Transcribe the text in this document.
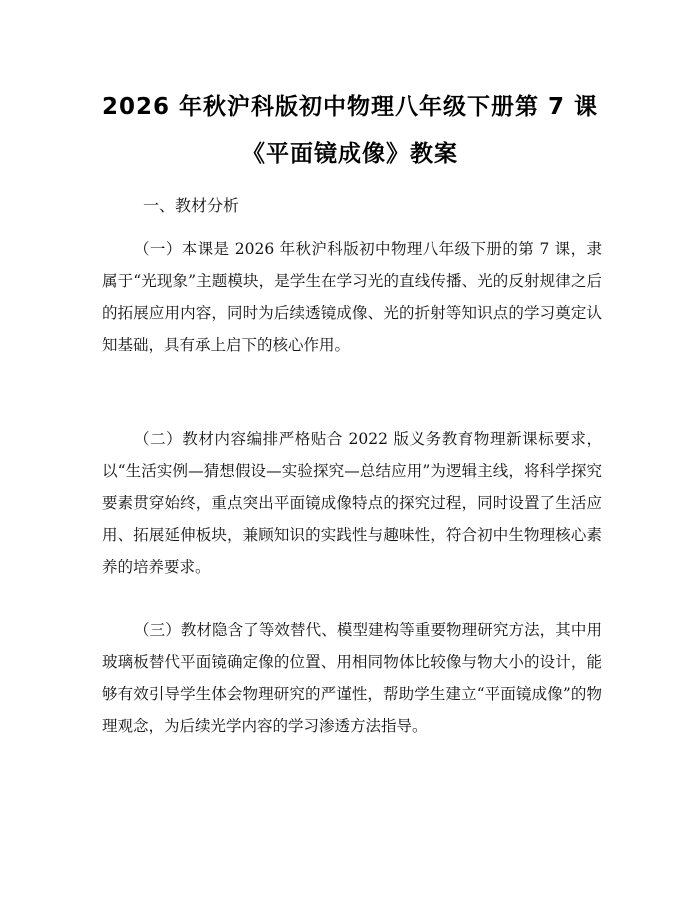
2026 年秋沪科版初中物理八年级下册第 7 课
《平面镜成像》教案

一、教材分析

（一）本课是 2026 年秋沪科版初中物理八年级下册的第 7 课，隶属于“光现象”主题模块，是学生在学习光的直线传播、光的反射规律之后的拓展应用内容，同时为后续透镜成像、光的折射等知识点的学习奠定认知基础，具有承上启下的核心作用。

（二）教材内容编排严格贴合 2022 版义务教育物理新课标要求，以“生活实例—猜想假设—实验探究—总结应用”为逻辑主线，将科学探究要素贯穿始终，重点突出平面镜成像特点的探究过程，同时设置了生活应用、拓展延伸板块，兼顾知识的实践性与趣味性，符合初中生物理核心素养的培养要求。

（三）教材隐含了等效替代、模型建构等重要物理研究方法，其中用玻璃板替代平面镜确定像的位置、用相同物体比较像与物大小的设计，能够有效引导学生体会物理研究的严谨性，帮助学生建立“平面镜成像”的物理观念，为后续光学内容的学习渗透方法指导。
